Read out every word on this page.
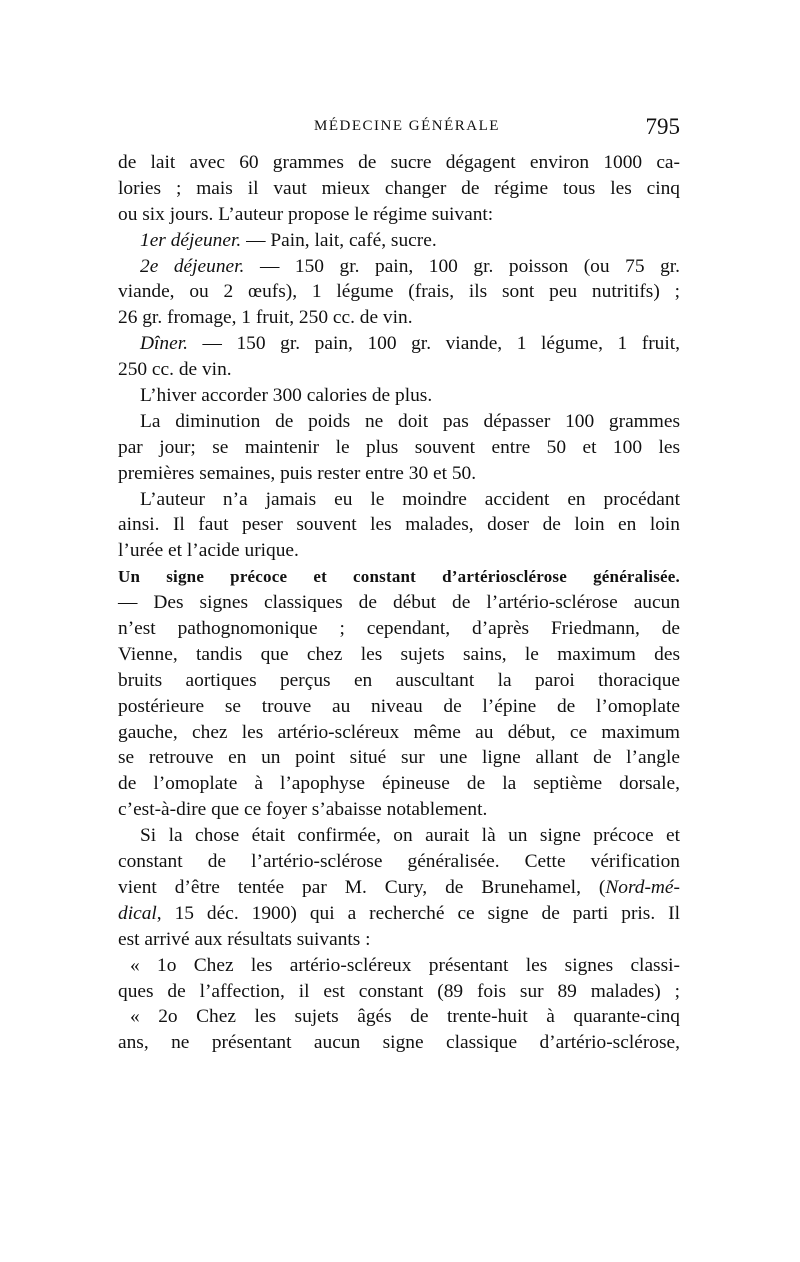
MÉDECINE GÉNÉRALE	795
de lait avec 60 grammes de sucre dégagent environ 1000 ca-
lories ; mais il vaut mieux changer de régime tous les cinq
ou six jours. L’auteur propose le régime suivant:
1er déjeuner. — Pain, lait, café, sucre.
2e déjeuner. — 150 gr. pain, 100 gr. poisson (ou 75 gr.
viande, ou 2 œufs), 1 légume (frais, ils sont peu nutritifs) ;
26 gr. fromage, 1 fruit, 250 cc. de vin.
Dîner. — 150 gr. pain, 100 gr. viande, 1 légume, 1 fruit,
250 cc. de vin.
L’hiver accorder 300 calories de plus.
La diminution de poids ne doit pas dépasser 100 grammes
par jour; se maintenir le plus souvent entre 50 et 100 les
premières semaines, puis rester entre 30 et 50.
L’auteur n’a jamais eu le moindre accident en procédant
ainsi. Il faut peser souvent les malades, doser de loin en loin
l’urée et l’acide urique.
Un signe précoce et constant d’artériosclérose généralisée.
— Des signes classiques de début de l’artério-sclérose aucun
n’est pathognomonique ; cependant, d’après Friedmann, de
Vienne, tandis que chez les sujets sains, le maximum des
bruits aortiques perçus en auscultant la paroi thoracique
postérieure se trouve au niveau de l’épine de l’omoplate
gauche, chez les artério-scléreux même au début, ce maximum
se retrouve en un point situé sur une ligne allant de l’angle
de l’omoplate à l’apophyse épineuse de la septième dorsale,
c’est-à-dire que ce foyer s’abaisse notablement.
Si la chose était confirmée, on aurait là un signe précoce et
constant de l’artério-sclérose généralisée. Cette vérification
vient d’être tentée par M. Cury, de Brunehamel, (Nord-mé-
dical, 15 déc. 1900) qui a recherché ce signe de parti pris. Il
est arrivé aux résultats suivants :
« 1o Chez les artério-scléreux présentant les signes classi-
ques de l’affection, il est constant (89 fois sur 89 malades) ;
« 2o Chez les sujets âgés de trente-huit à quarante-cinq
ans, ne présentant aucun signe classique d’artério-sclérose,
